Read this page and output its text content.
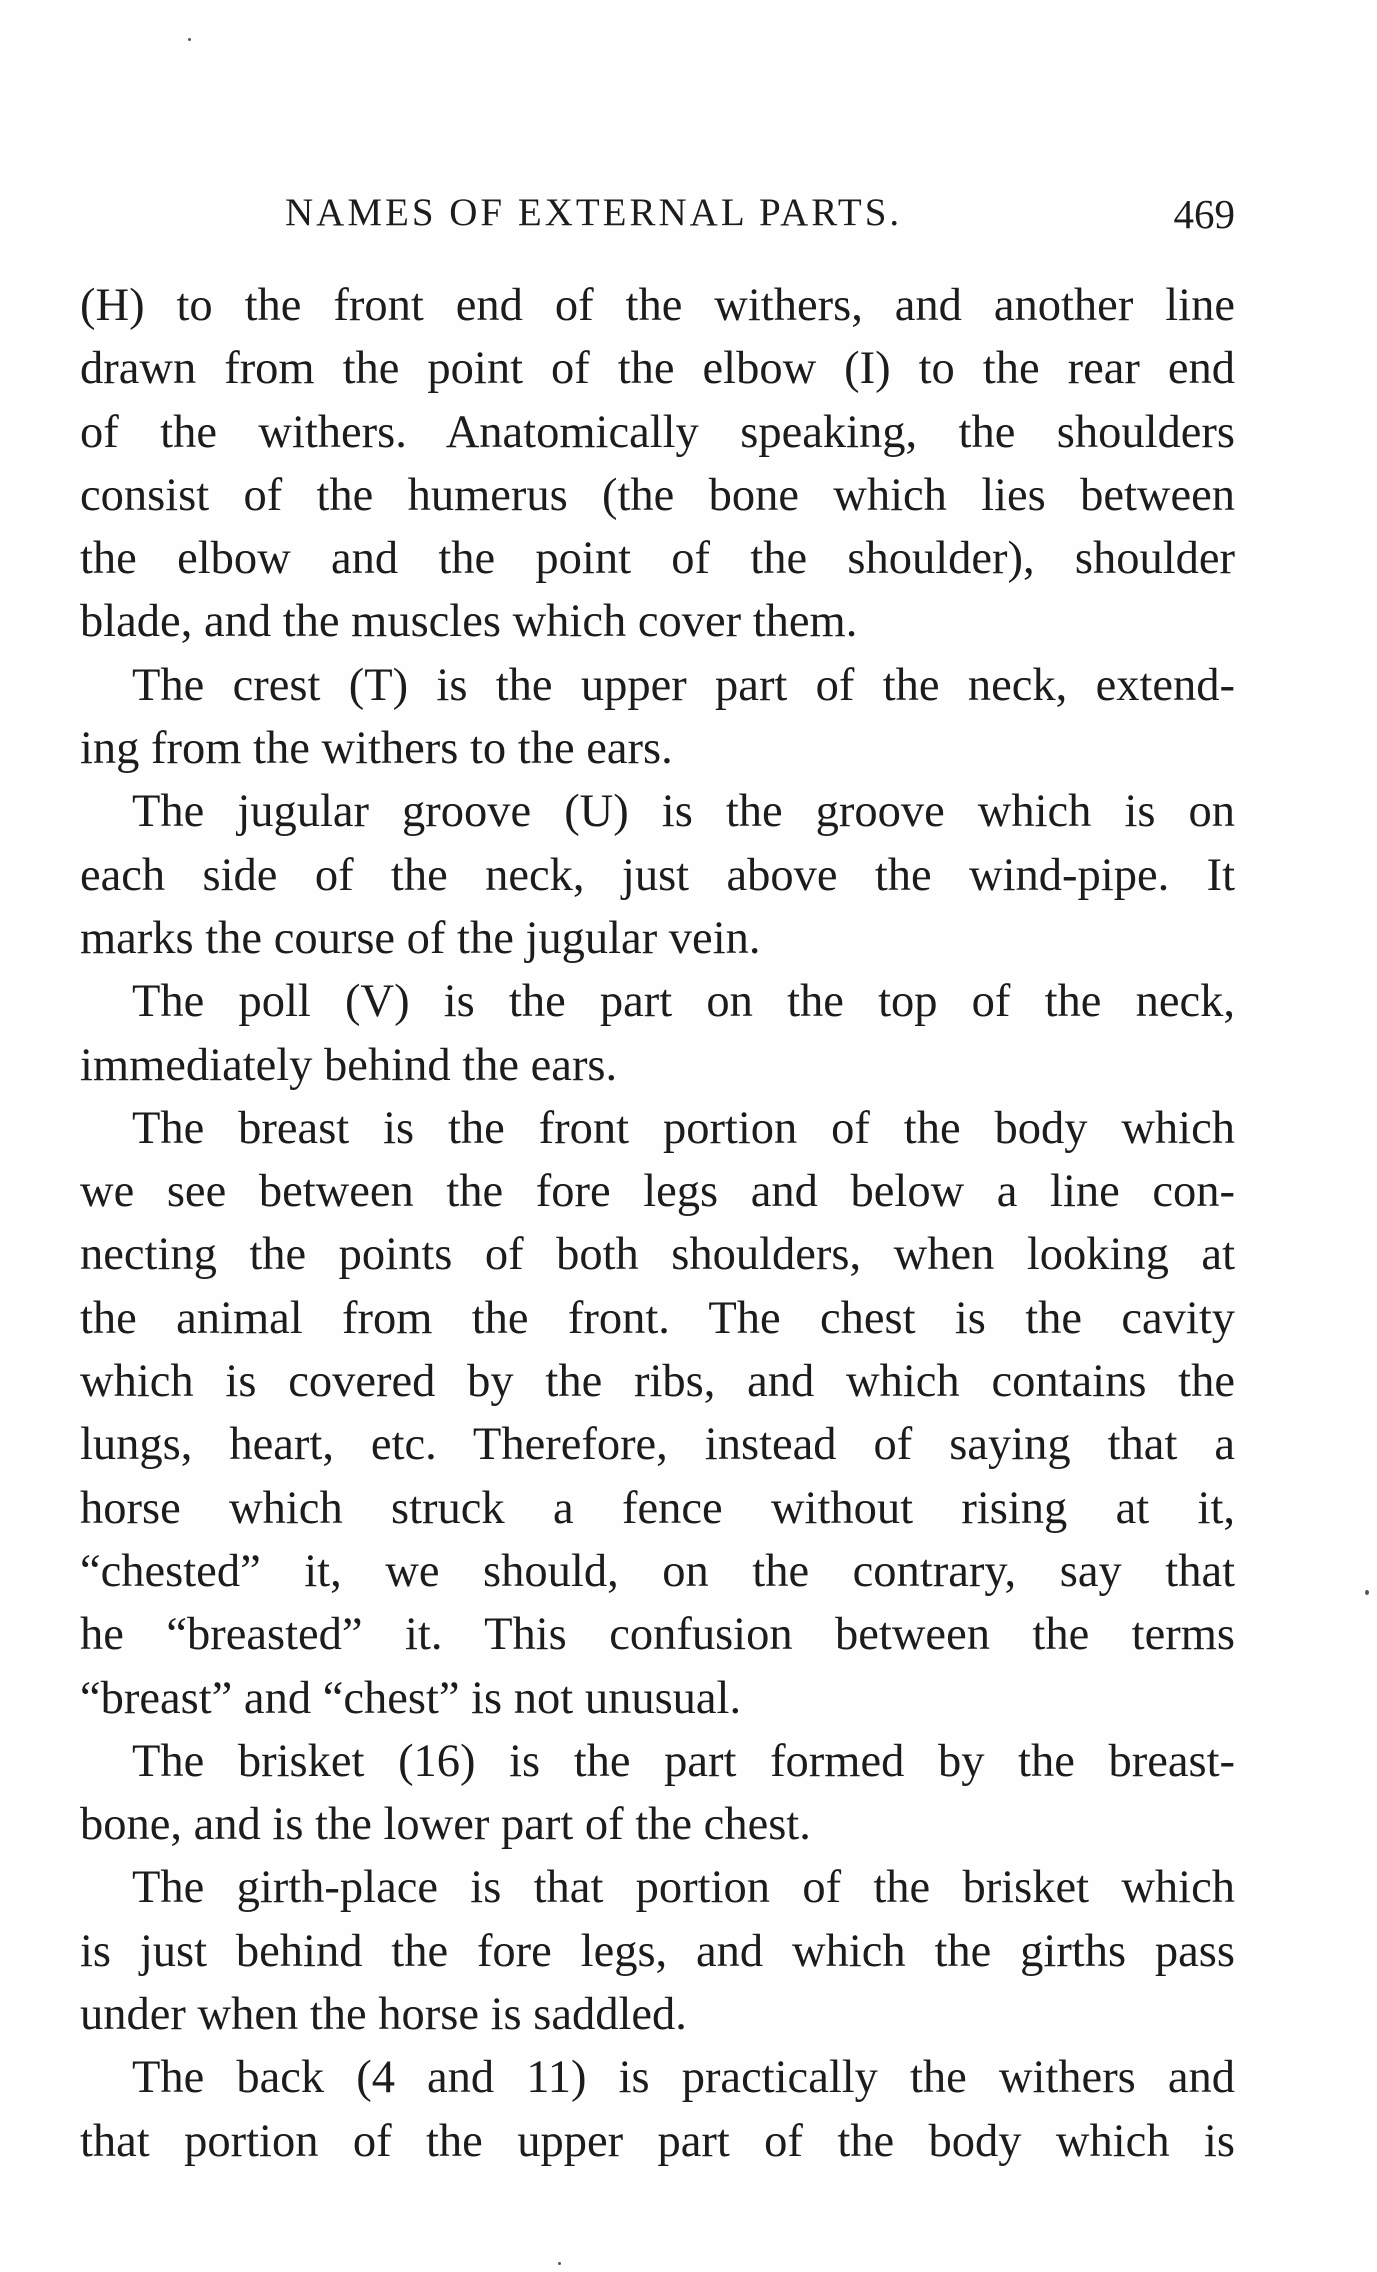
NAMES OF EXTERNAL PARTS.	469
(H) to the front end of the withers, and another line
drawn from the point of the elbow (I) to the rear end
of the withers. Anatomically speaking, the shoulders
consist of the humerus (the bone which lies between
the elbow and the point of the shoulder), shoulder
blade, and the muscles which cover them.
The crest (T) is the upper part of the neck, extend-
ing from the withers to the ears.
The jugular groove (U) is the groove which is on
each side of the neck, just above the wind-pipe. It
marks the course of the jugular vein.
The poll (V) is the part on the top of the neck,
immediately behind the ears.
The breast is the front portion of the body which
we see between the fore legs and below a line con-
necting the points of both shoulders, when looking at
the animal from the front. The chest is the cavity
which is covered by the ribs, and which contains the
lungs, heart, etc. Therefore, instead of saying that a
horse which struck a fence without rising at it,
“chested” it, we should, on the contrary, say that
he “breasted” it. This confusion between the terms
“breast” and “chest” is not unusual.
The brisket (16) is the part formed by the breast-
bone, and is the lower part of the chest.
The girth-place is that portion of the brisket which
is just behind the fore legs, and which the girths pass
under when the horse is saddled.
The back (4 and 11) is practically the withers and
that portion of the upper part of the body which is
